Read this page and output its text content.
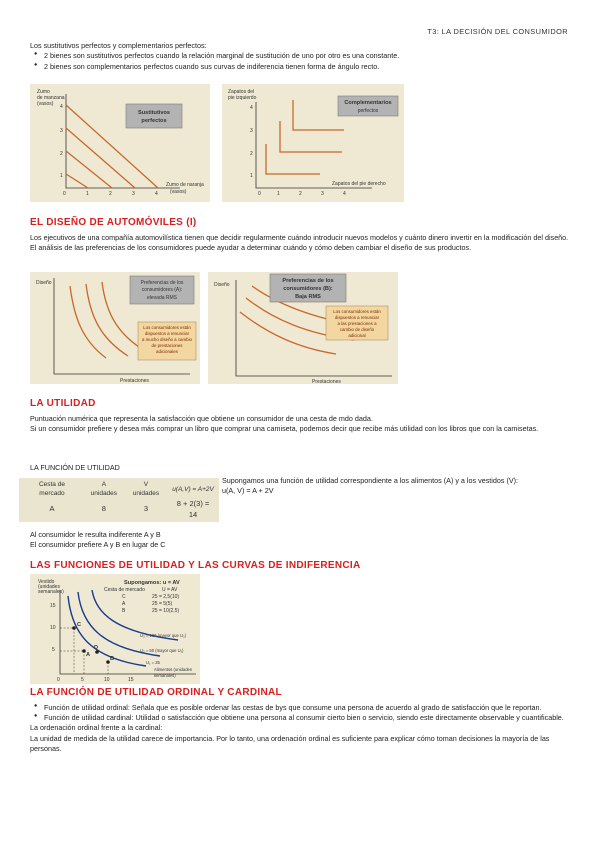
T3: LA DECISIÓN DEL CONSUMIDOR

Los sustitutivos perfectos y complementarios perfectos:

● 2 bienes son sustitutivos perfectos cuando la relación marginal de sustitución de uno por otro es una constante.

● 2 bienes son complementarios perfectos cuando sus curvas de indiferencia tienen forma de ángulo recto.

Zumo
de manzana
(vasos) 4
3
2
1
0	1	2	3	4
Sustitutivos
perfectos
Zumo de naranja
(vasos)
Zapatos del
pie izquierdo
4
3
2
1
0	1	2	3	4
Complementarios
perfectos
Zapatos del pie derecho

EL DISEÑO DE AUTOMÓVILES (I)

Los ejecutivos de una compañía automovilística tienen que decidir regularmente cuándo introducir nuevos modelos y cuánto dinero invertir en la modificación del diseño.

El análisis de las preferencias de los consumidores puede ayudar a determinar cuándo y cómo deben cambiar el diseño de sus productos.

Diseño	Preferencias de los
consumidores (A):
elevada RMS
Los consumidores están
dispuestos a renunciar
a mucho diseño a cambio
de prestaciones
adicionales
Prestaciones
Diseño
Preferencias de los
consumidores (B):
Baja RMS
Los consumidores están
dispuestos a renunciar
a las prestaciones a
cambio de diseño
adicional
Prestaciones

LA UTILIDAD

Puntuación numérica que representa la satisfacción que obtiene un consumidor de una cesta de mdo dada.

Si un consumidor prefiere y desea más comprar un libro que comprar una camiseta, podemos decir que recibe más utilidad con los libros que con la camisetas.

LA FUNCIÓN DE UTILIDAD

Cesta de mercado	A unidades	V unidades	u(A,V) = A+2V
A	8	3	8 + 2(3) = 14

Supongamos una función de utilidad correspondiente a los alimentos (A) y a los vestidos (V):

u(A, V) = A + 2V

Al consumidor le resulta indiferente A y B

El consumidor prefiere A y B en lugar de C

LAS FUNCIONES DE UTILIDAD Y LAS CURVAS DE INDIFERENCIA

Vestido
(unidades
semanales)
15
10
5
0	5	10	15
C
D
A
B
Supongamos: u = AV
Cesta de mercado	U = AV
C	25 = 2,5(10)
A	25 = 5(5)
B	25 = 10(2,5)
U₃ = 100 (mayor que U₂)
U₂ = 50 (mayor que U₁)
U₁ = 25
Alimentos (unidades
semanales)

LA FUNCIÓN DE UTILIDAD ORDINAL Y CARDINAL

● Función de utilidad ordinal: Señala que es posible ordenar las cestas de bys que consume una persona de acuerdo al grado de satisfacción que le reportan.

● Función de utilidad cardinal: Utilidad o satisfacción que obtiene una persona al consumir cierto bien o servicio, siendo este directamente observable y cuantificable.

La ordenación ordinal frente a la cardinal:

La unidad de medida de la utilidad carece de importancia. Por lo tanto, una ordenación ordinal es suficiente para explicar cómo toman decisiones la mayoría de las personas.
